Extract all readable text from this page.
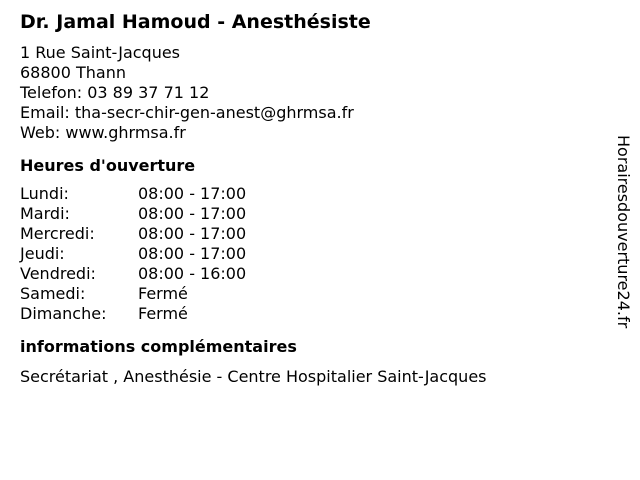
Dr. Jamal Hamoud - Anesthésiste
1 Rue Saint-Jacques
68800 Thann
Telefon: 03 89 37 71 12
Email: tha-secr-chir-gen-anest@ghrmsa.fr
Web: www.ghrmsa.fr
Heures d'ouverture
Lundi:	08:00 - 17:00
Mardi:	08:00 - 17:00
Mercredi:	08:00 - 17:00
Jeudi:	08:00 - 17:00
Vendredi:	08:00 - 16:00
Samedi:	Fermé
Dimanche:	Fermé
informations complémentaires
Secrétariat , Anesthésie - Centre Hospitalier Saint-Jacques
Horairesdouverture24.fr
